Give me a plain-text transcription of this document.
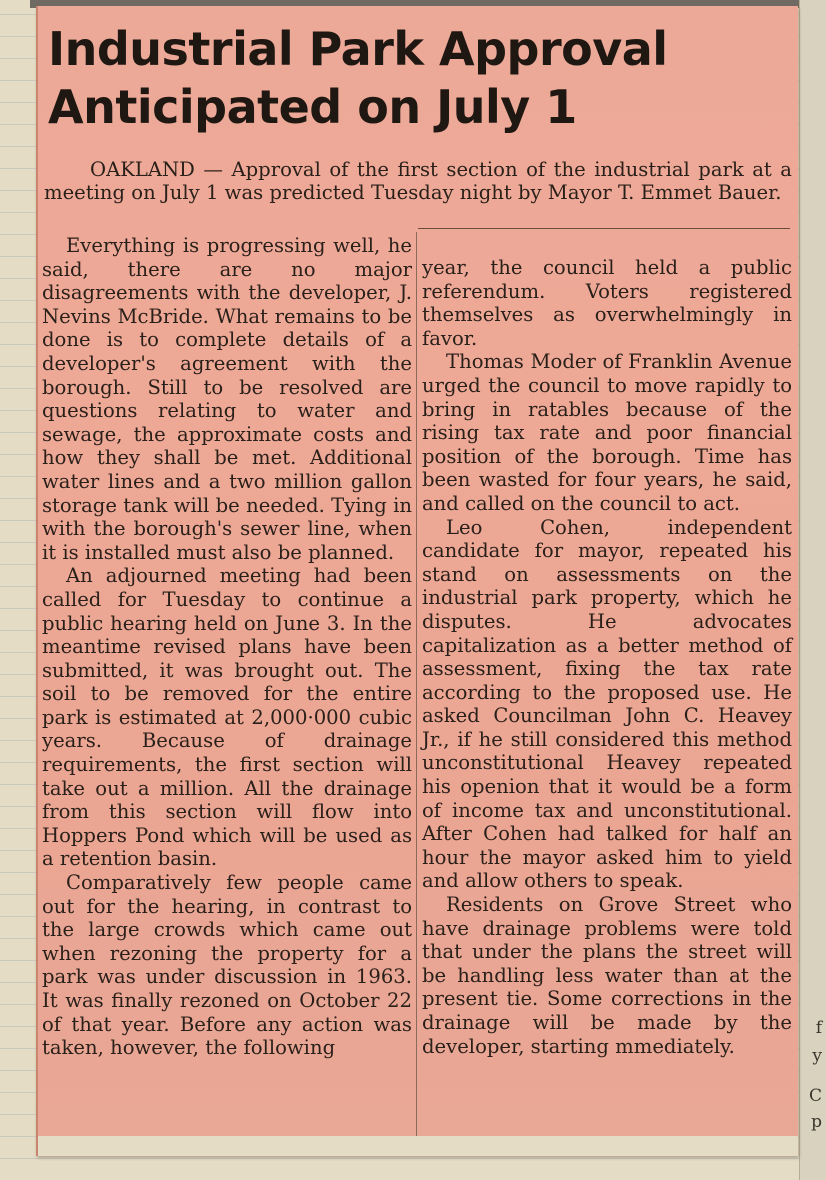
f
y
C
p
Industrial Park Approval
Anticipated on July 1

OAKLAND — Approval of the first section of the industrial park at a meeting on July 1 was predicted Tuesday night by Mayor T. Emmet Bauer.

Everything is progressing well, he said, there are no major disagreements with the developer, J. Nevins McBride. What remains to be done is to complete details of a developer's agreement with the borough. Still to be resolved are questions relating to water and sewage, the approximate costs and how they shall be met. Additional water lines and a two million gallon storage tank will be needed. Tying in with the borough's sewer line, when it is installed must also be planned.

An adjourned meeting had been called for Tuesday to continue a public hearing held on June 3. In the meantime revised plans have been submitted, it was brought out. The soil to be removed for the entire park is estimated at 2,000·000 cubic years. Because of drainage requirements, the first section will take out a million. All the drainage from this section will flow into Hoppers Pond which will be used as a retention basin.

Comparatively few people came out for the hearing, in contrast to the large crowds which came out when rezoning the property for a park was under discussion in 1963. It was finally rezoned on October 22 of that year. Before any action was taken, however, the following

year, the council held a public referendum. Voters registered themselves as overwhelmingly in favor.

Thomas Moder of Franklin Avenue urged the council to move rapidly to bring in ratables because of the rising tax rate and poor financial position of the borough. Time has been wasted for four years, he said, and called on the council to act.

Leo Cohen, independent candidate for mayor, repeated his stand on assessments on the industrial park property, which he disputes. He advocates capitalization as a better method of assessment, fixing the tax rate according to the proposed use. He asked Councilman John C. Heavey Jr., if he still considered this method unconstitutional Heavey repeated his openion that it would be a form of income tax and unconstitutional. After Cohen had talked for half an hour the mayor asked him to yield and allow others to speak.

Residents on Grove Street who have drainage problems were told that under the plans the street will be handling less water than at the present tie. Some corrections in the drainage will be made by the developer, starting mmediately.
